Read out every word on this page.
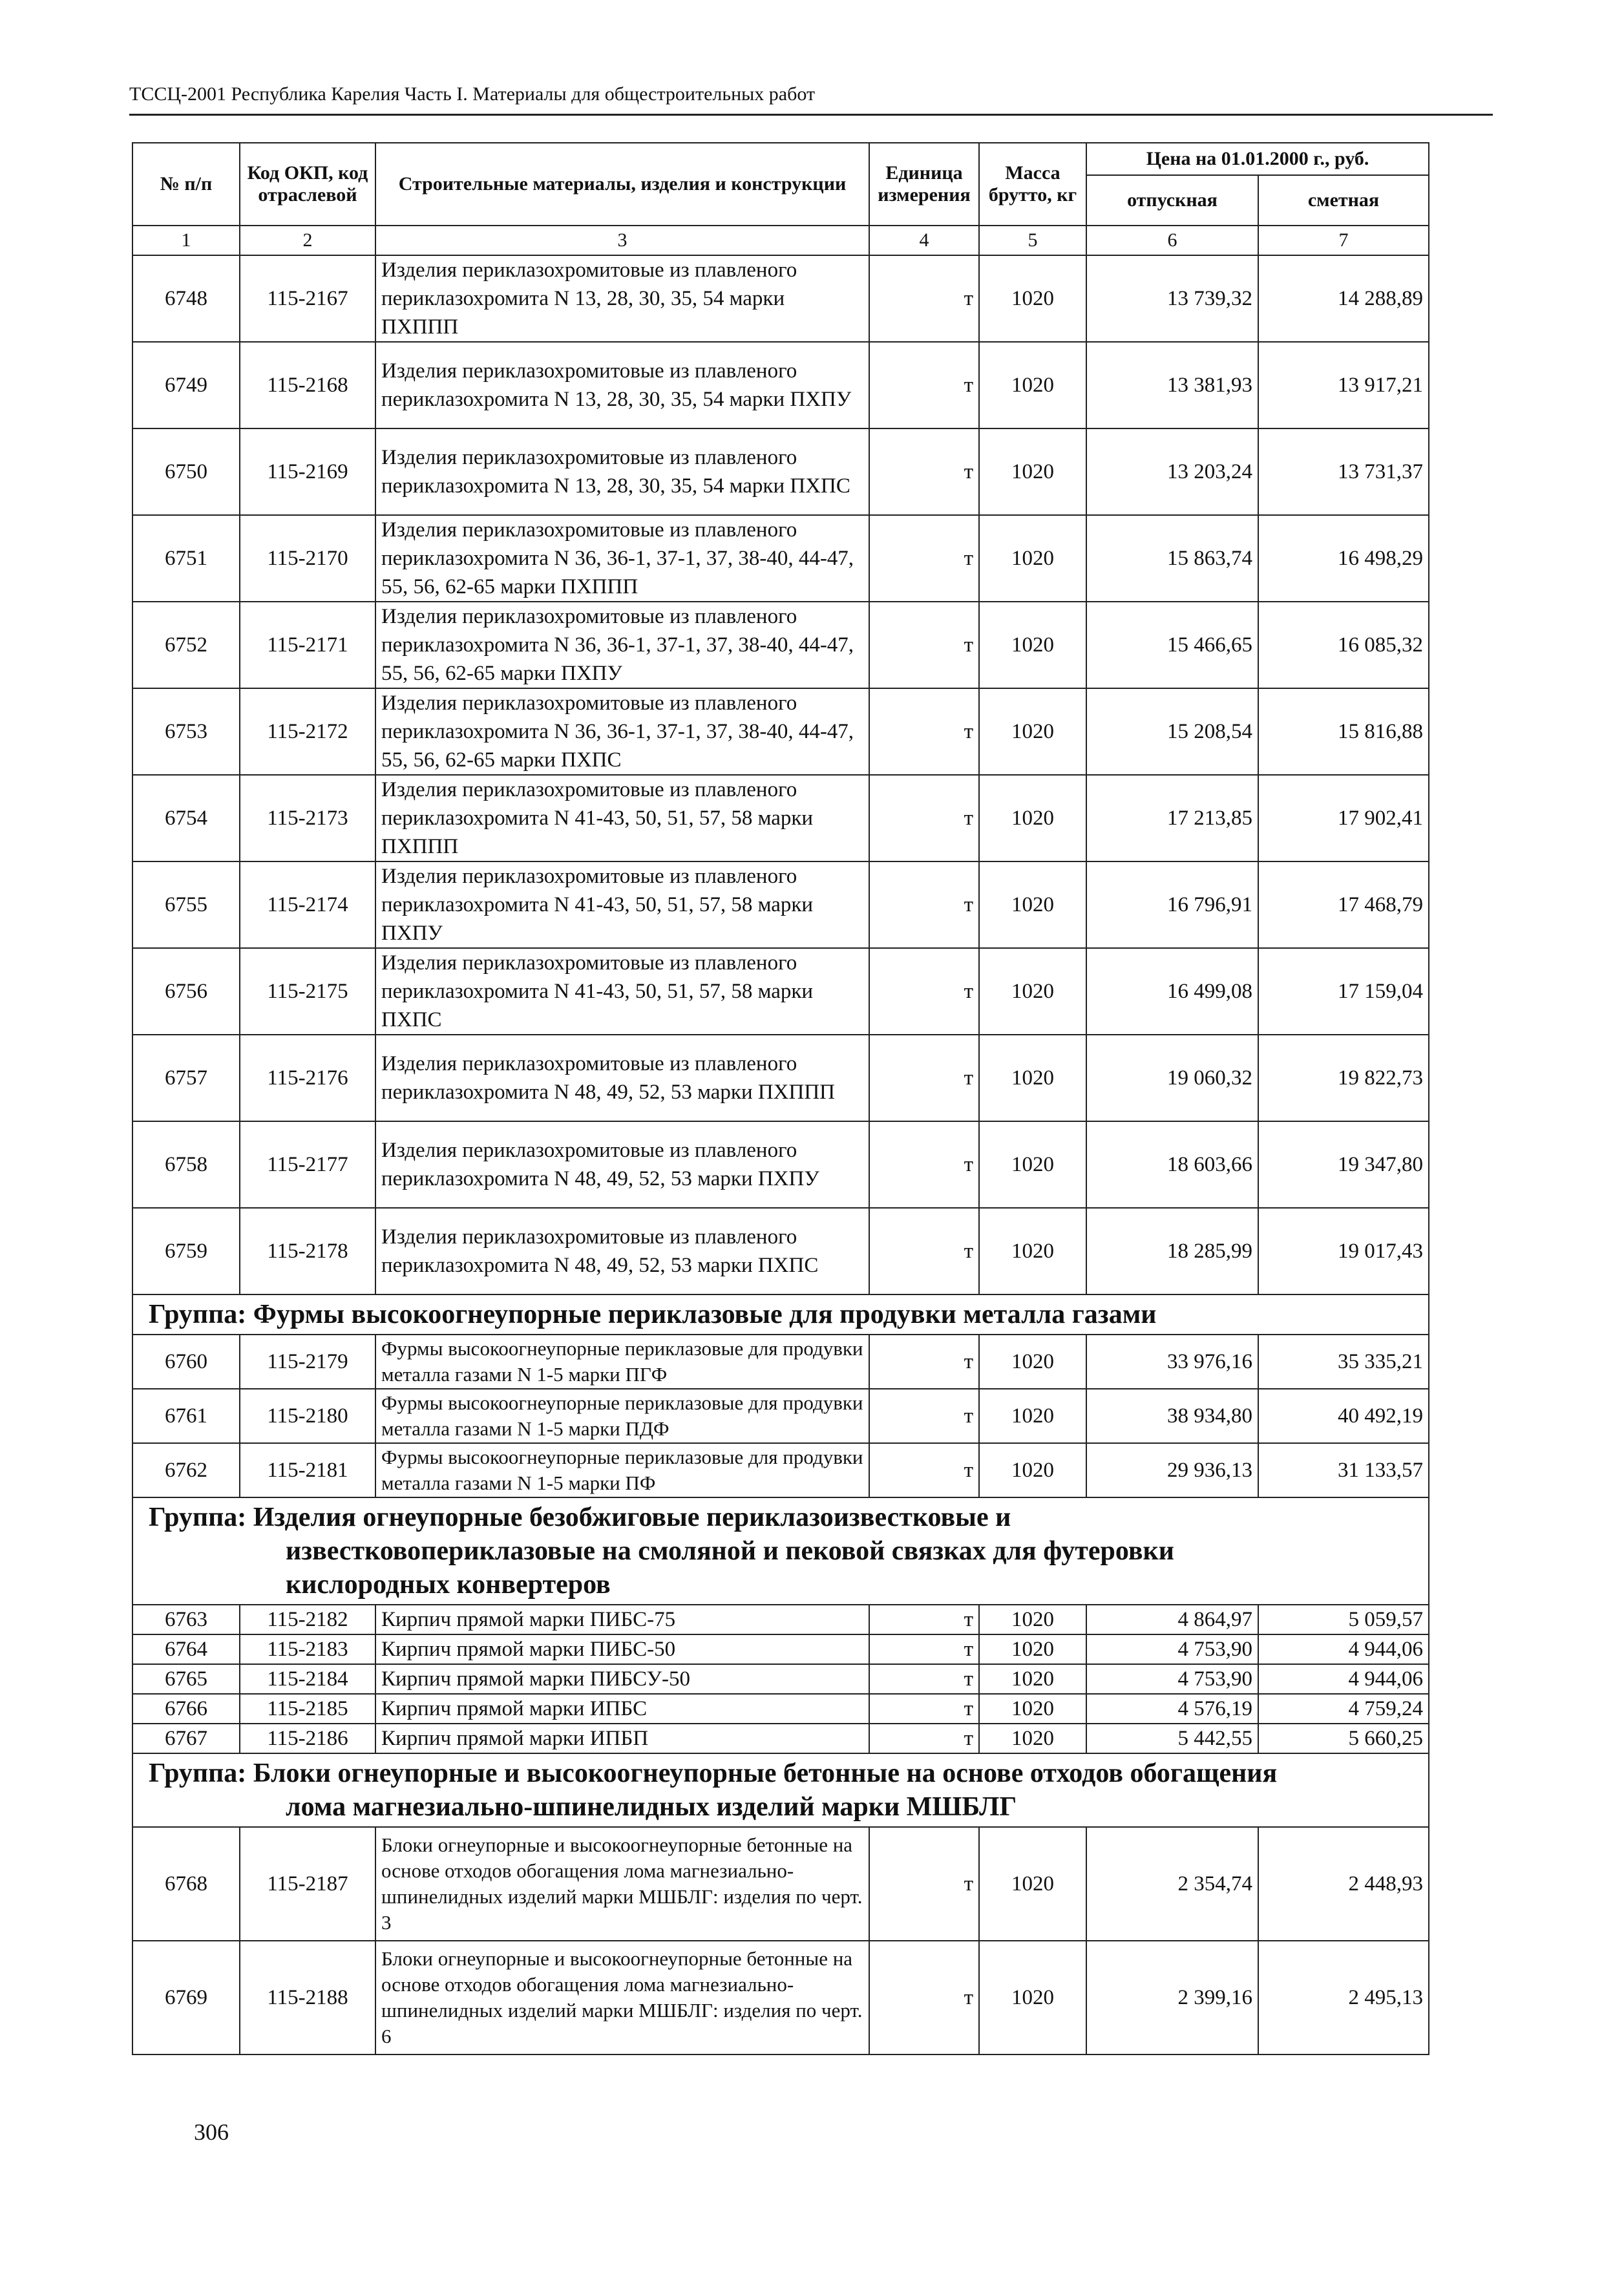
ТССЦ-2001 Республика Карелия Часть I. Материалы для общестроительных работ
№ п/п	Код ОКП, код отраслевой	Строительные материалы, изделия и конструкции	Единица измерения	Масса брутто, кг	Цена на 01.01.2000 г., руб.	
					отпускная	сметная
1	2	3	4	5	6	7
6748	115-2167	Изделия периклазохромитовые из плавленого периклазохромита N 13, 28, 30, 35, 54 марки ПХППП	т	1020	13 739,32	14 288,89
6749	115-2168	Изделия периклазохромитовые из плавленого периклазохромита N 13, 28, 30, 35, 54 марки ПХПУ	т	1020	13 381,93	13 917,21
6750	115-2169	Изделия периклазохромитовые из плавленого периклазохромита N 13, 28, 30, 35, 54 марки ПХПС	т	1020	13 203,24	13 731,37
6751	115-2170	Изделия периклазохромитовые из плавленого периклазохромита N 36, 36-1, 37-1, 37, 38-40, 44-47, 55, 56, 62-65 марки ПХППП	т	1020	15 863,74	16 498,29
6752	115-2171	Изделия периклазохромитовые из плавленого периклазохромита N 36, 36-1, 37-1, 37, 38-40, 44-47, 55, 56, 62-65 марки ПХПУ	т	1020	15 466,65	16 085,32
6753	115-2172	Изделия периклазохромитовые из плавленого периклазохромита N 36, 36-1, 37-1, 37, 38-40, 44-47, 55, 56, 62-65 марки ПХПС	т	1020	15 208,54	15 816,88
6754	115-2173	Изделия периклазохромитовые из плавленого периклазохромита N 41-43, 50, 51, 57, 58 марки ПХППП	т	1020	17 213,85	17 902,41
6755	115-2174	Изделия периклазохромитовые из плавленого периклазохромита N 41-43, 50, 51, 57, 58 марки ПХПУ	т	1020	16 796,91	17 468,79
6756	115-2175	Изделия периклазохромитовые из плавленого периклазохромита N 41-43, 50, 51, 57, 58 марки ПХПС	т	1020	16 499,08	17 159,04
6757	115-2176	Изделия периклазохромитовые из плавленого периклазохромита N 48, 49, 52, 53 марки ПХППП	т	1020	19 060,32	19 822,73
6758	115-2177	Изделия периклазохромитовые из плавленого периклазохромита N 48, 49, 52, 53 марки ПХПУ	т	1020	18 603,66	19 347,80
6759	115-2178	Изделия периклазохромитовые из плавленого периклазохромита N 48, 49, 52, 53 марки ПХПС	т	1020	18 285,99	19 017,43
Группа: Фурмы высокоогнеупорные периклазовые для продувки металла газами						
6760	115-2179	Фурмы высокоогнеупорные периклазовые для продувки металла газами N 1-5 марки ПГФ	т	1020	33 976,16	35 335,21
6761	115-2180	Фурмы высокоогнеупорные периклазовые для продувки металла газами N 1-5 марки ПДФ	т	1020	38 934,80	40 492,19
6762	115-2181	Фурмы высокоогнеупорные периклазовые для продувки металла газами N 1-5 марки ПФ	т	1020	29 936,13	31 133,57
Группа: Изделия огнеупорные безобжиговые периклазоизвестковые и
известковопериклазовые на смоляной и пековой связках для футеровки
кислородных конвертеров						

6763	115-2182	Кирпич прямой марки ПИБС-75	т	1020	4 864,97	5 059,57
6764	115-2183	Кирпич прямой марки ПИБС-50	т	1020	4 753,90	4 944,06
6765	115-2184	Кирпич прямой марки ПИБСУ-50	т	1020	4 753,90	4 944,06
6766	115-2185	Кирпич прямой марки ИПБС	т	1020	4 576,19	4 759,24
6767	115-2186	Кирпич прямой марки ИПБП	т	1020	5 442,55	5 660,25
Группа: Блоки огнеупорные и высокоогнеупорные бетонные на основе отходов обогащения
лома магнезиально-шпинелидных изделий марки МШБЛГ						

6768	115-2187	Блоки огнеупорные и высокоогнеупорные бетонные на основе отходов обогащения лома магнезиально-шпинелидных изделий марки МШБЛГ: изделия по черт. 3	т	1020	2 354,74	2 448,93
6769	115-2188	Блоки огнеупорные и высокоогнеупорные бетонные на основе отходов обогащения лома магнезиально-шпинелидных изделий марки МШБЛГ: изделия по черт. 6	т	1020	2 399,16	2 495,13
306
